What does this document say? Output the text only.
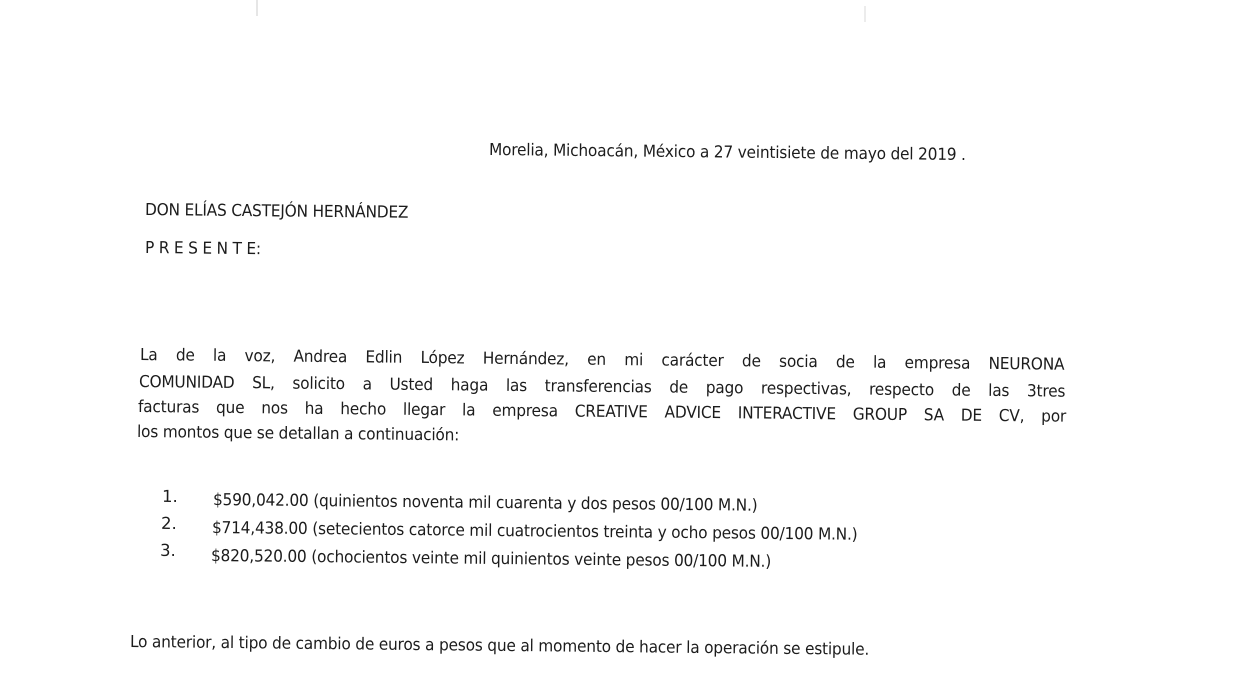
Morelia, Michoacán, México a 27 veintisiete de mayo del 2019 .
DON ELÍAS CASTEJÓN HERNÁNDEZ
P R E S E N T E:
La de la voz, Andrea Edlin López Hernández, en mi carácter de socia de la empresa NEURONA
COMUNIDAD SL, solicito a Usted haga las transferencias de pago respectivas, respecto de las 3tres
facturas que nos ha hecho llegar la empresa CREATIVE ADVICE INTERACTIVE GROUP SA DE CV, por
los montos que se detallan a continuación:
1. $590,042.00 (quinientos noventa mil cuarenta y dos pesos 00/100 M.N.)
2. $714,438.00 (setecientos catorce mil cuatrocientos treinta y ocho pesos 00/100 M.N.)
3. $820,520.00 (ochocientos veinte mil quinientos veinte pesos 00/100 M.N.)
Lo anterior, al tipo de cambio de euros a pesos que al momento de hacer la operación se estipule.
